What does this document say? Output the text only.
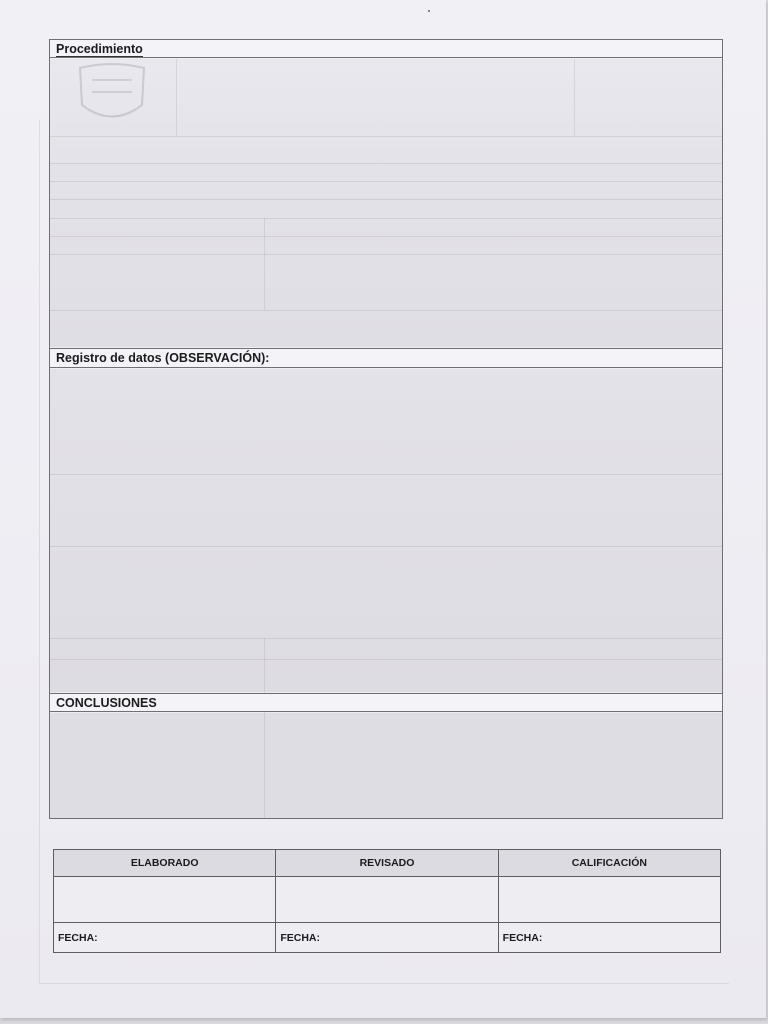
Procedimiento
Registro de datos (OBSERVACIÓN):
CONCLUSIONES
ELABORADO	REVISADO	CALIFICACIÓN

FECHA:	FECHA:	FECHA:
